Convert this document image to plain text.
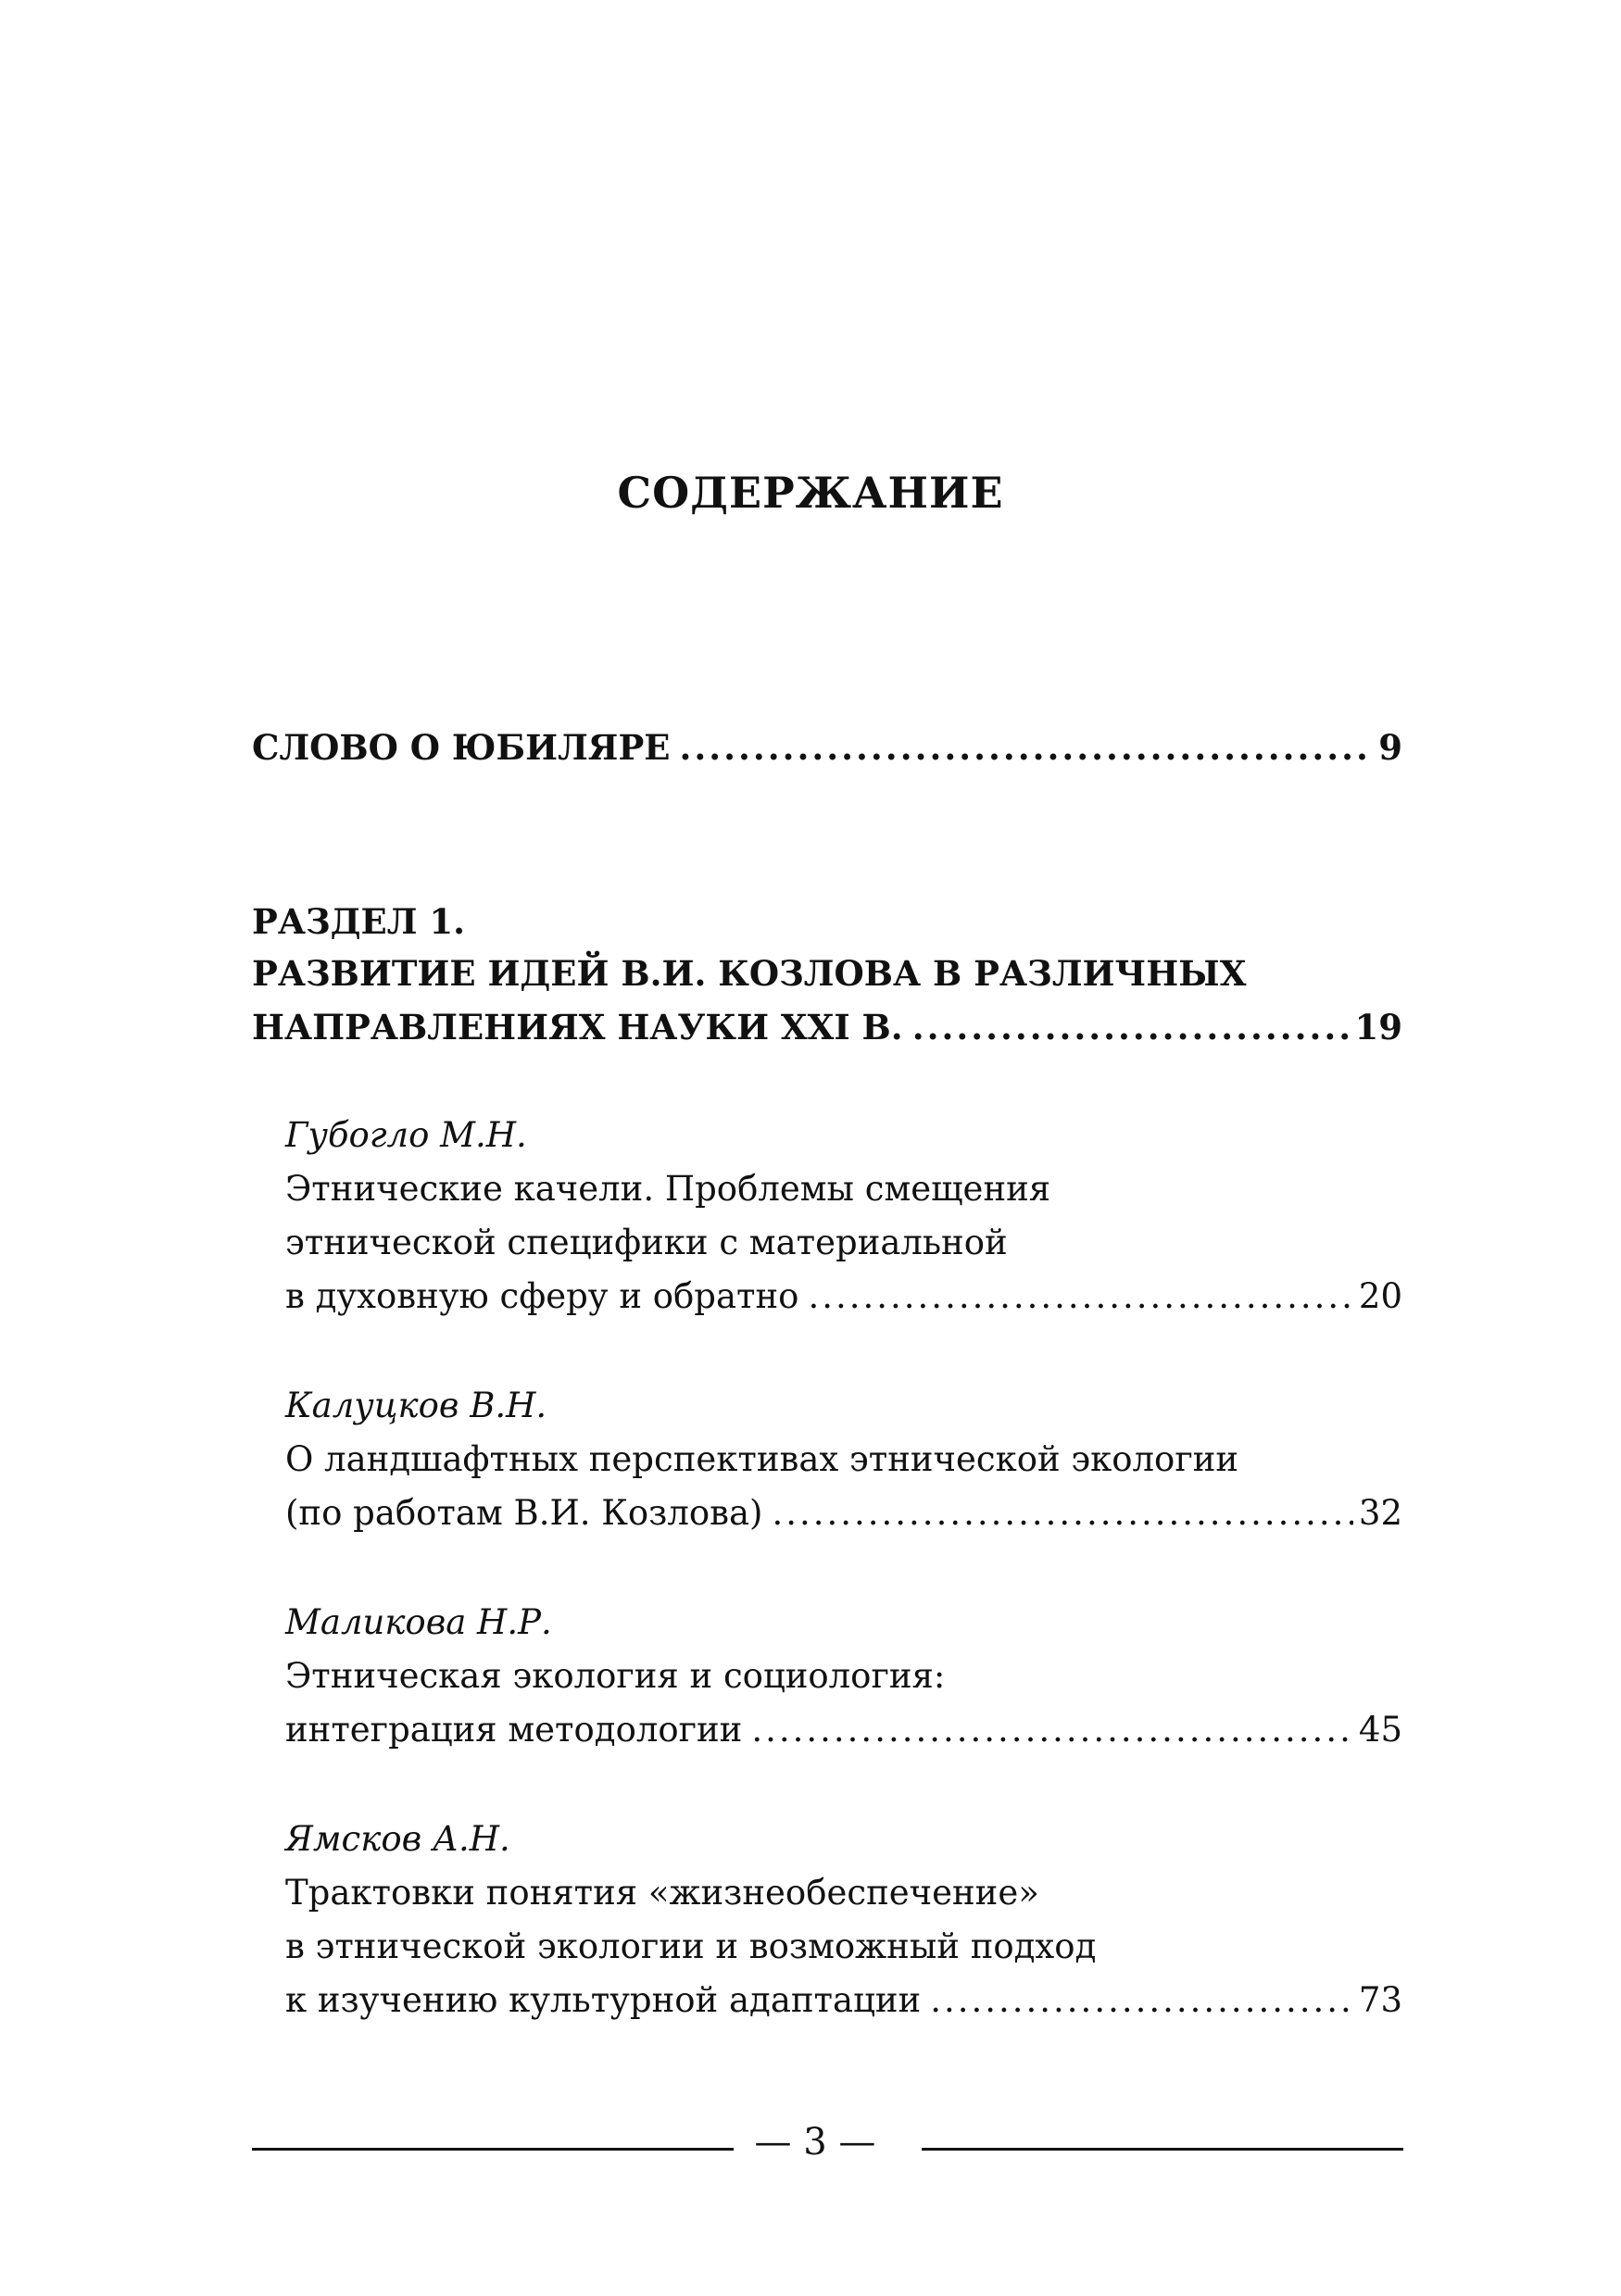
СОДЕРЖАНИЕ
СЛОВО О ЮБИЛЯРЕ .....	9
РАЗДЕЛ 1.
РАЗВИТИЕ ИДЕЙ В.И. КОЗЛОВА В РАЗЛИЧНЫХ
НАПРАВЛЕНИЯХ НАУКИ XXI В. .....	19
Губогло М.Н.
Этнические качели. Проблемы смещения
этнической специфики с материальной
в духовную сферу и обратно .....	20
Калуцков В.Н.
О ландшафтных перспективах этнической экологии
(по работам В.И. Козлова) .....	32
Маликова Н.Р.
Этническая экология и социология:
интеграция методологии .....	45
Ямсков А.Н.
Трактовки понятия «жизнеобеспечение»
в этнической экологии и возможный подход
к изучению культурной адаптации .....	73
— 3 —
